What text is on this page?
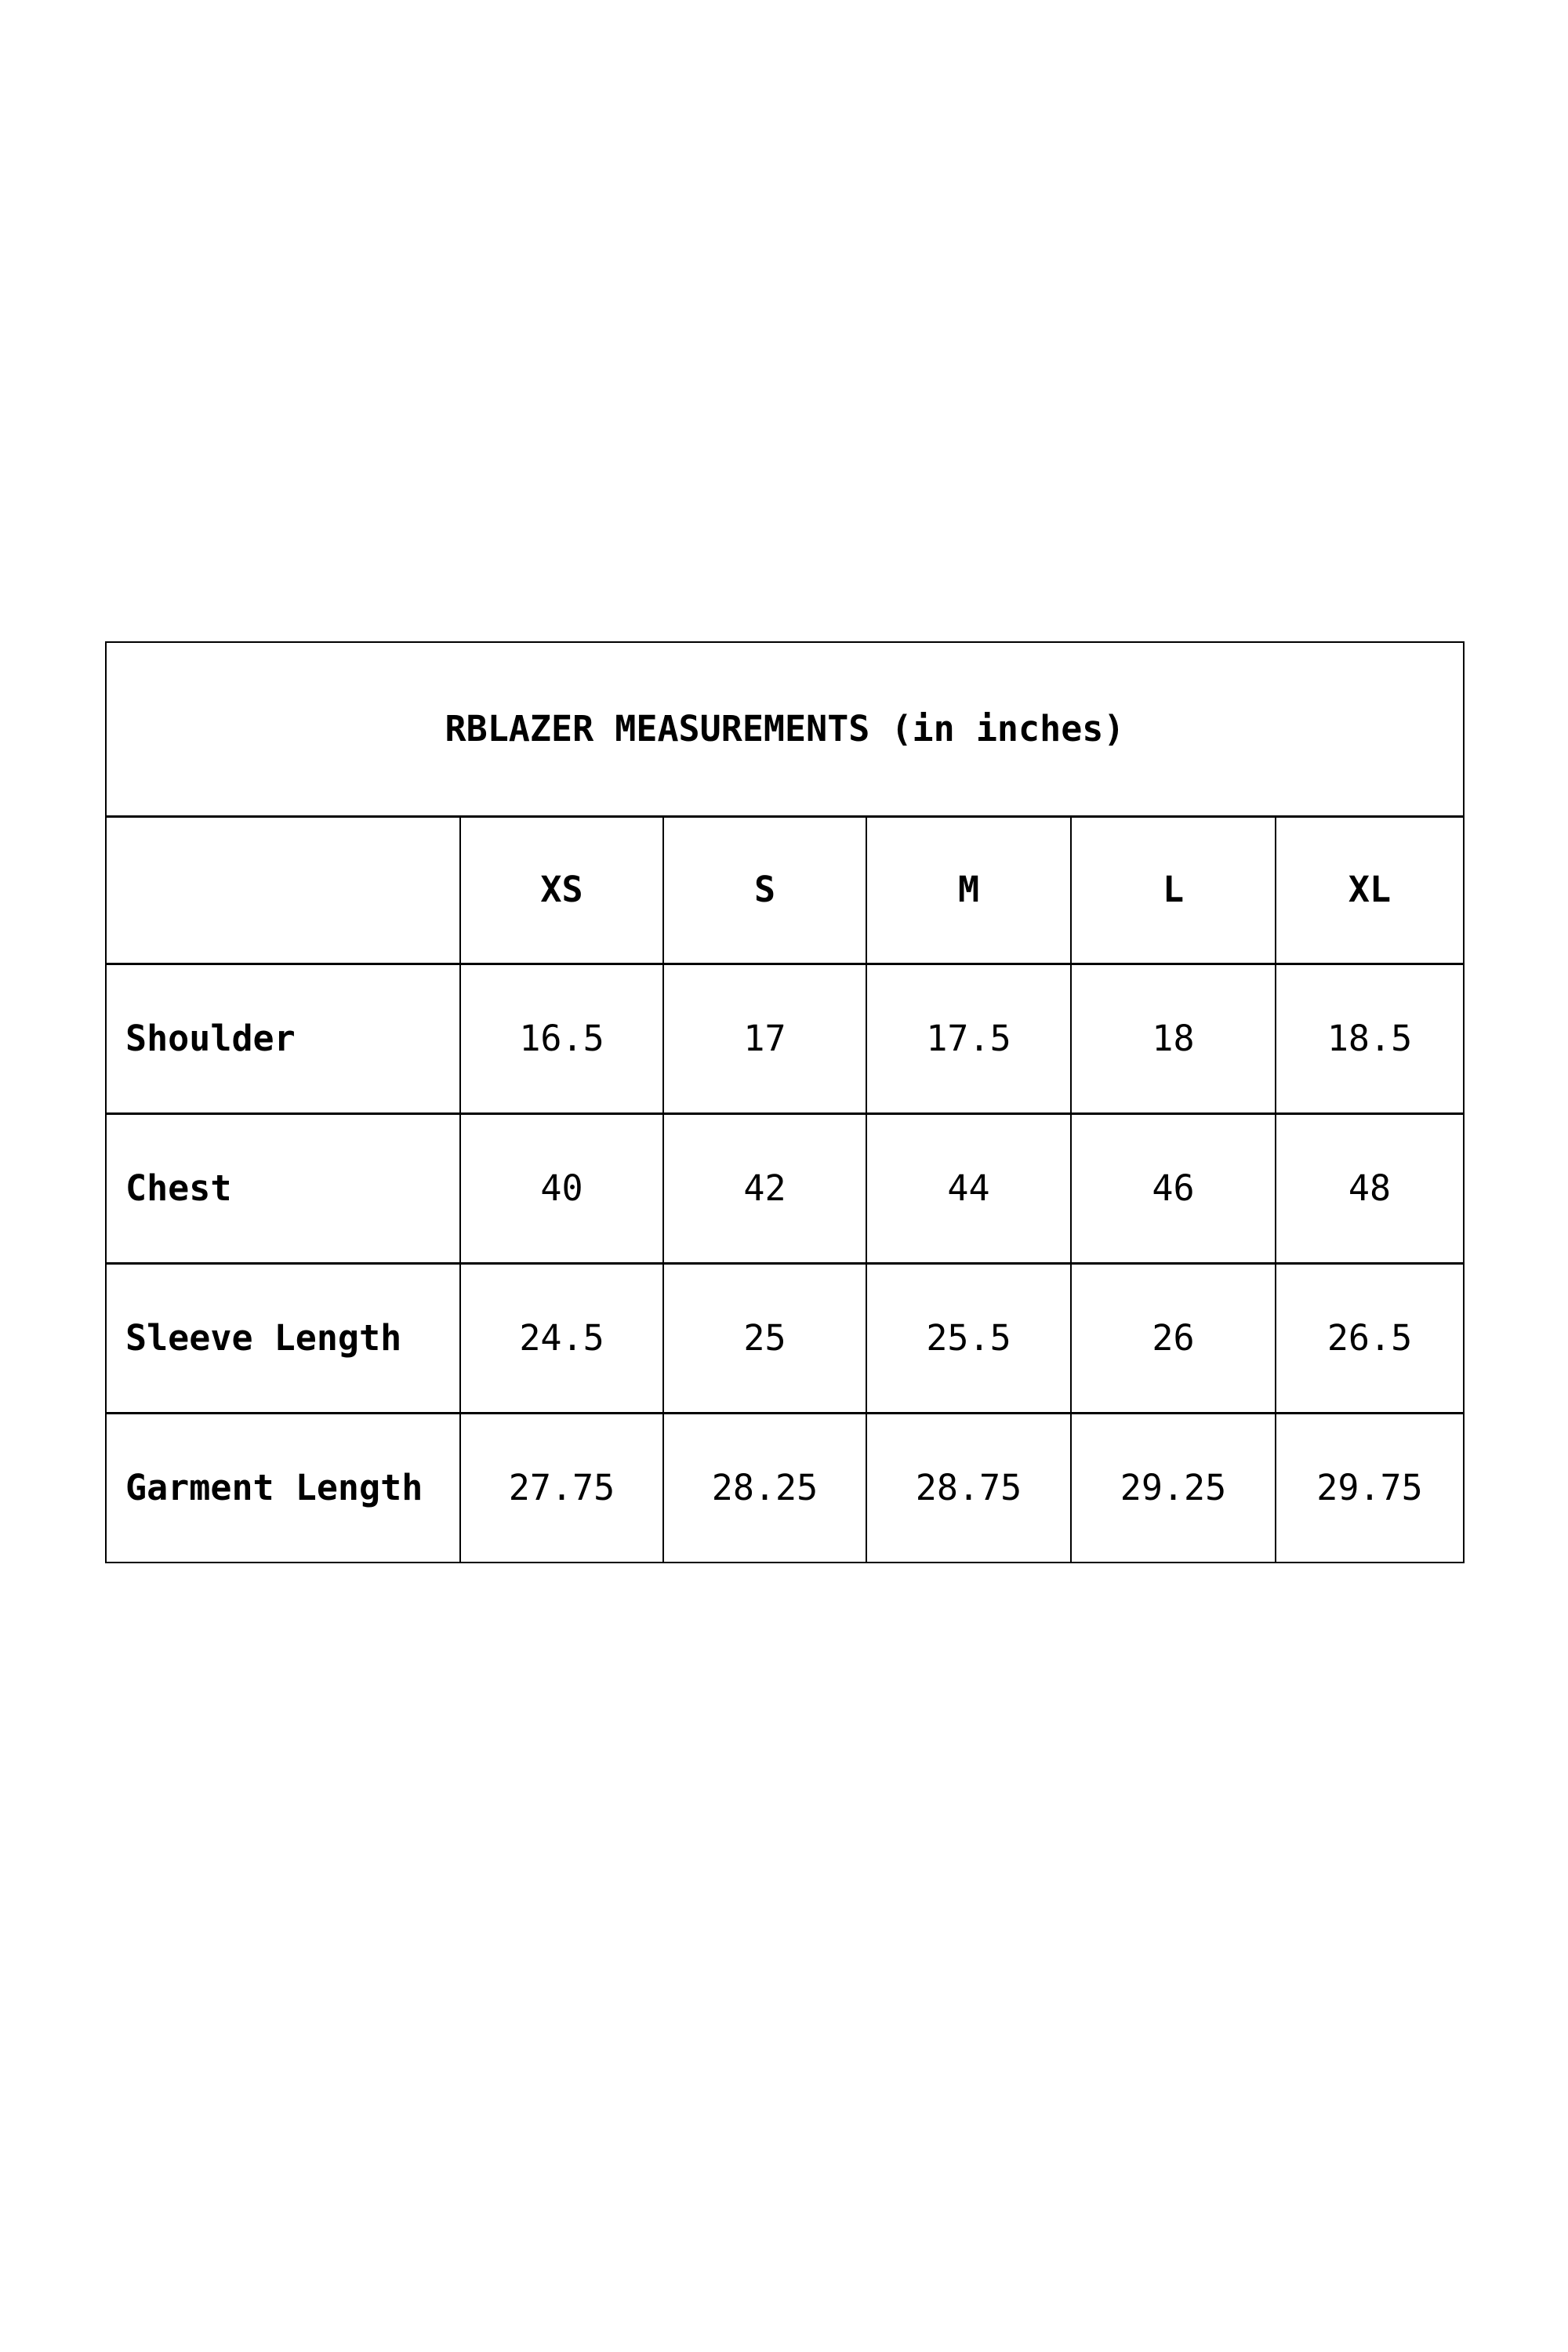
RBLAZER MEASUREMENTS (in inches)					
	XS	S	M	L	XL
Shoulder	16.5	17	17.5	18	18.5
Chest	40	42	44	46	48
Sleeve Length	24.5	25	25.5	26	26.5
Garment Length	27.75	28.25	28.75	29.25	29.75
